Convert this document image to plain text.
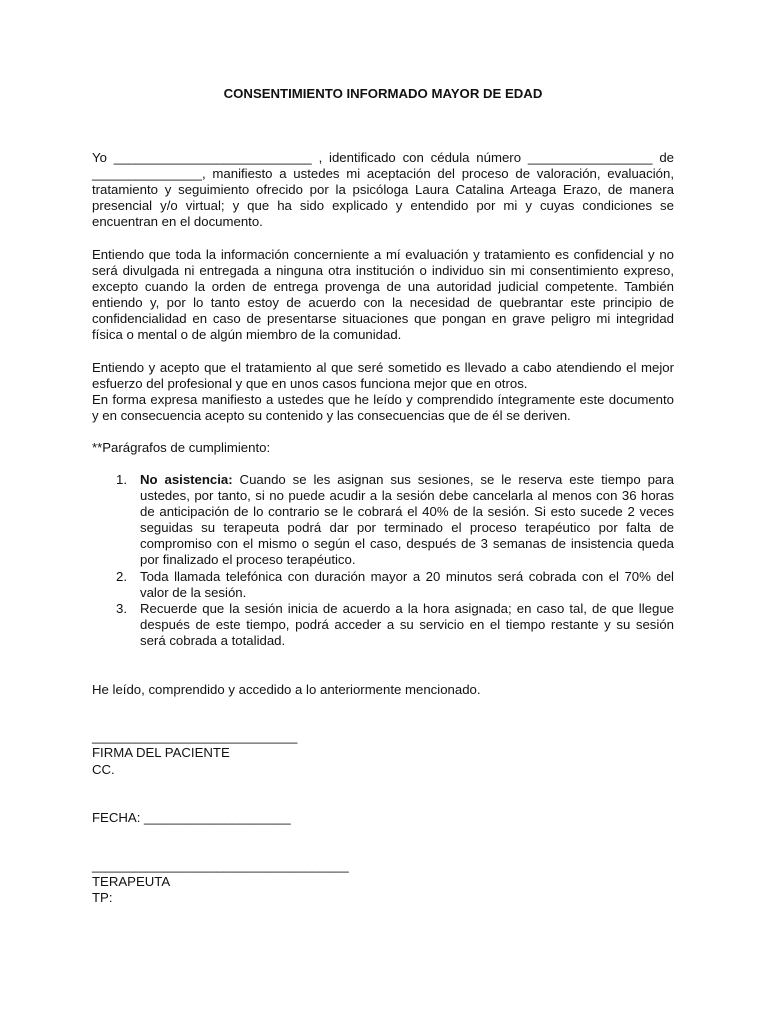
CONSENTIMIENTO INFORMADO MAYOR DE EDAD

Yo ___________________________ , identificado con cédula número _________________ de _______________, manifiesto a ustedes mi aceptación del proceso de valoración, evaluación, tratamiento y seguimiento ofrecido por la psicóloga Laura Catalina Arteaga Erazo, de manera presencial y/o virtual; y que ha sido explicado y entendido por mi y cuyas condiciones se encuentran en el documento.

Entiendo que toda la información concerniente a mí evaluación y tratamiento es confidencial y no será divulgada ni entregada a ninguna otra institución o individuo sin mi consentimiento expreso, excepto cuando la orden de entrega provenga de una autoridad judicial competente. También entiendo y, por lo tanto estoy de acuerdo con la necesidad de quebrantar este principio de confidencialidad en caso de presentarse situaciones que pongan en grave peligro mi integridad física o mental o de algún miembro de la comunidad.

Entiendo y acepto que el tratamiento al que seré sometido es llevado a cabo atendiendo el mejor esfuerzo del profesional y que en unos casos funciona mejor que en otros.
En forma expresa manifiesto a ustedes que he leído y comprendido íntegramente este documento y en consecuencia acepto su contenido y las consecuencias que de él se deriven.

**Parágrafos de cumplimiento:

1. No asistencia: Cuando se les asignan sus sesiones, se le reserva este tiempo para ustedes, por tanto, si no puede acudir a la sesión debe cancelarla al menos con 36 horas de anticipación de lo contrario se le cobrará el 40% de la sesión. Si esto sucede 2 veces seguidas su terapeuta podrá dar por terminado el proceso terapéutico por falta de compromiso con el mismo o según el caso, después de 3 semanas de insistencia queda por finalizado el proceso terapéutico.
2. Toda llamada telefónica con duración mayor a 20 minutos será cobrada con el 70% del valor de la sesión.
3. Recuerde que la sesión inicia de acuerdo a la hora asignada; en caso tal, de que llegue después de este tiempo, podrá acceder a su servicio en el tiempo restante y su sesión será cobrada a totalidad.
He leído, comprendido y accedido a lo anteriormente mencionado.
____________________________
FIRMA DEL PACIENTE
CC.
FECHA: ____________________
___________________________________
TERAPEUTA
TP:
